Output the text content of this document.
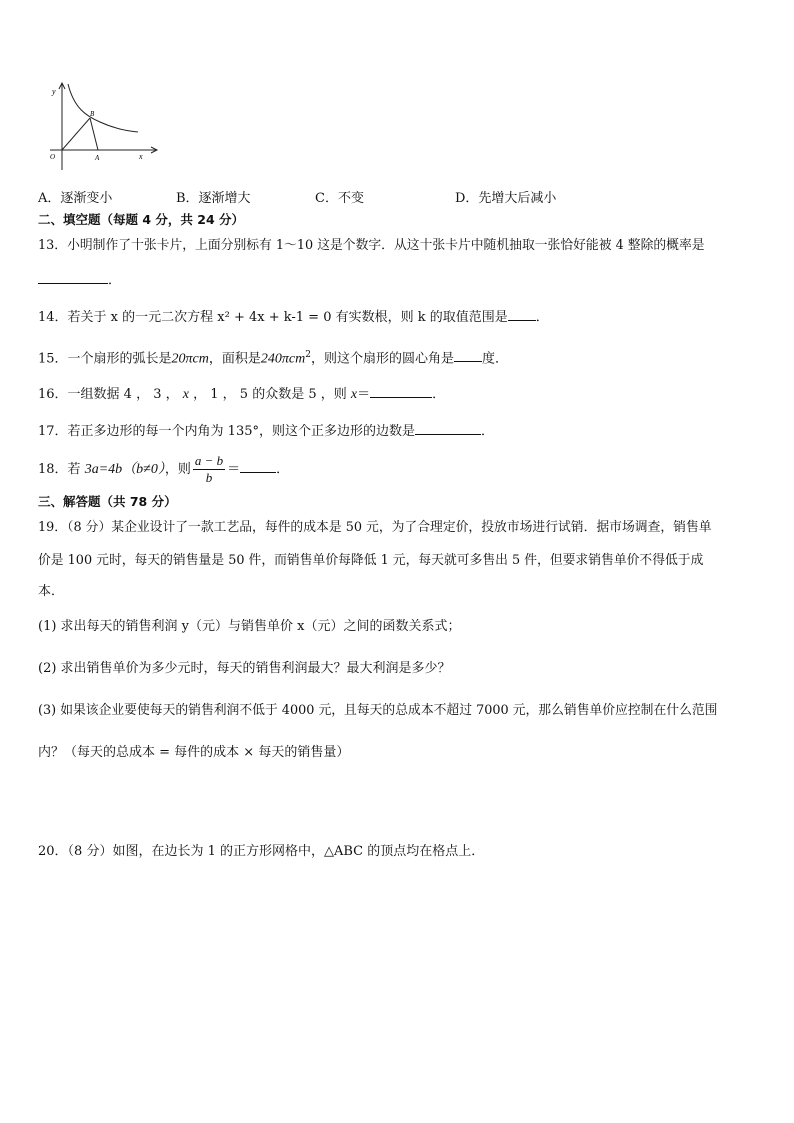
y
B
O	A	x
A．逐渐变小	B．逐渐增大	C．不变	D．先增大后减小
二、填空题（每题 4 分，共 24 分）
13．小明制作了十张卡片，上面分别标有 1～10 这是个数字．从这十张卡片中随机抽取一张恰好能被 4 整除的概率是
．
14．若关于 x 的一元二次方程 x² + 4x + k-1 = 0 有实数根，则 k 的取值范围是 ．
15．一个扇形的弧长是20πcm，面积是240πcm$^2$，则这个扇形的圆心角是 度．
16．一组数据 4 ， 3 ， x ， 1 ， 5 的众数是 5 ，则 x＝	．
17．若正多边形的每一个内角为 135°，则这个正多边形的边数是	．
18．若 3a=4b（b≠0），则 $\frac{a - b}{b}$ ＝	．
三、解答题（共 78 分）
19．（8 分）某企业设计了一款工艺品，每件的成本是 50 元，为了合理定价，投放市场进行试销．据市场调查，销售单
价是 100 元时，每天的销售量是 50 件，而销售单价每降低 1 元，每天就可多售出 5 件，但要求销售单价不得低于成
本．
(1) 求出每天的销售利润 y（元）与销售单价 x（元）之间的函数关系式；
(2) 求出销售单价为多少元时，每天的销售利润最大？最大利润是多少？
(3) 如果该企业要使每天的销售利润不低于 4000 元，且每天的总成本不超过 7000 元，那么销售单价应控制在什么范围
内？（每天的总成本 = 每件的成本 × 每天的销售量）
20．（8 分）如图，在边长为 1 的正方形网格中，△ABC 的顶点均在格点上．
